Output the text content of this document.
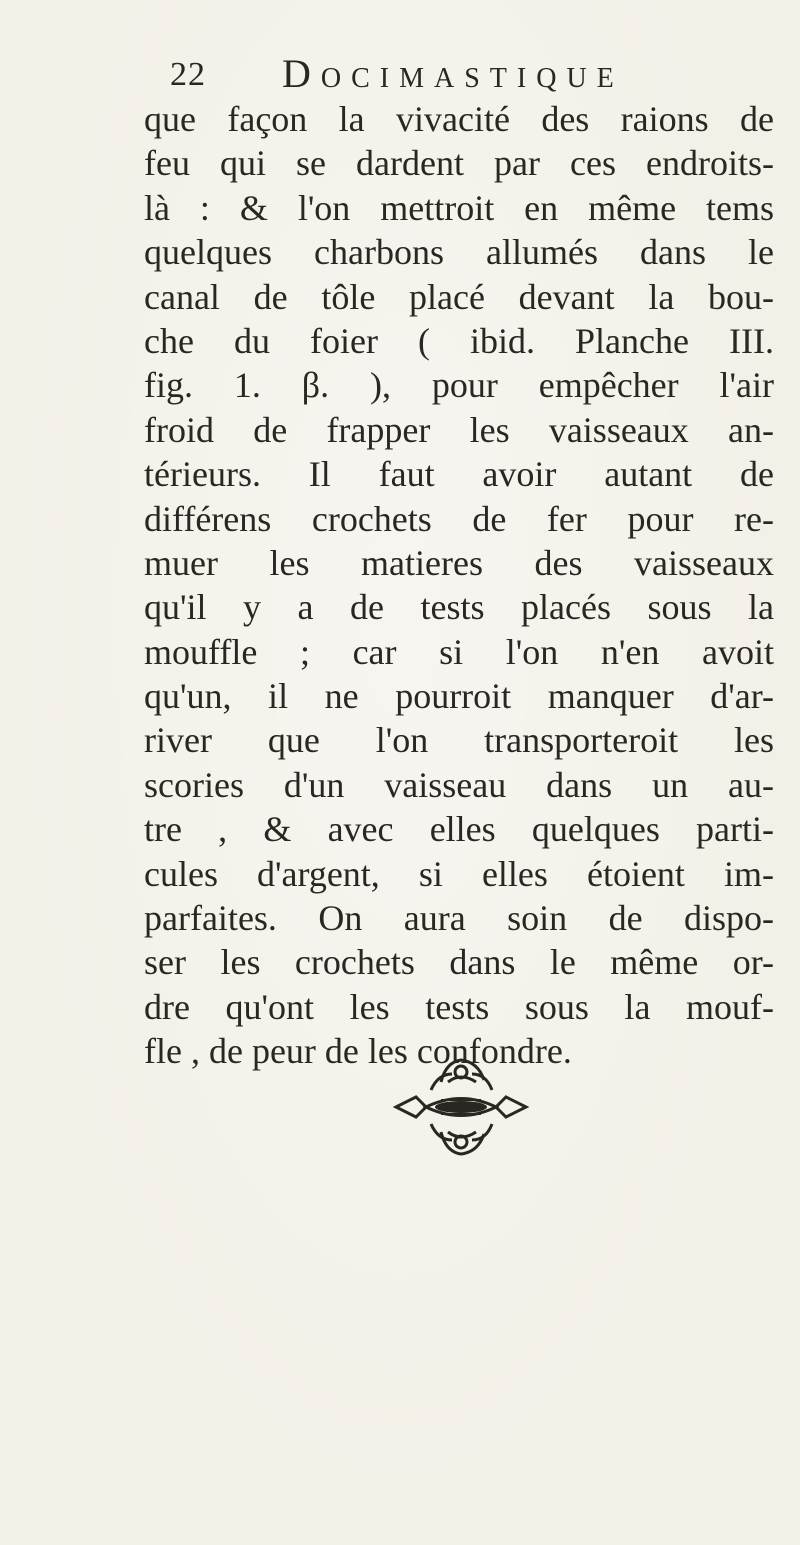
22 Docimastique
que façon la vivacité des raions de
feu qui se dardent par ces endroits-
là : & l'on mettroit en même tems
quelques charbons allumés dans le
canal de tôle placé devant la bou-
che du foier ( ibid. Planche III.
fig. 1. β. ), pour empêcher l'air
froid de frapper les vaisseaux an-
térieurs. Il faut avoir autant de
différens crochets de fer pour re-
muer les matieres des vaisseaux
qu'il y a de tests placés sous la
mouffle ; car si l'on n'en avoit
qu'un, il ne pourroit manquer d'ar-
river que l'on transporteroit les
scories d'un vaisseau dans un au-
tre , & avec elles quelques parti-
cules d'argent, si elles étoient im-
parfaites. On aura soin de dispo-
ser les crochets dans le même or-
dre qu'ont les tests sous la mouf-
fle , de peur de les confondre.
